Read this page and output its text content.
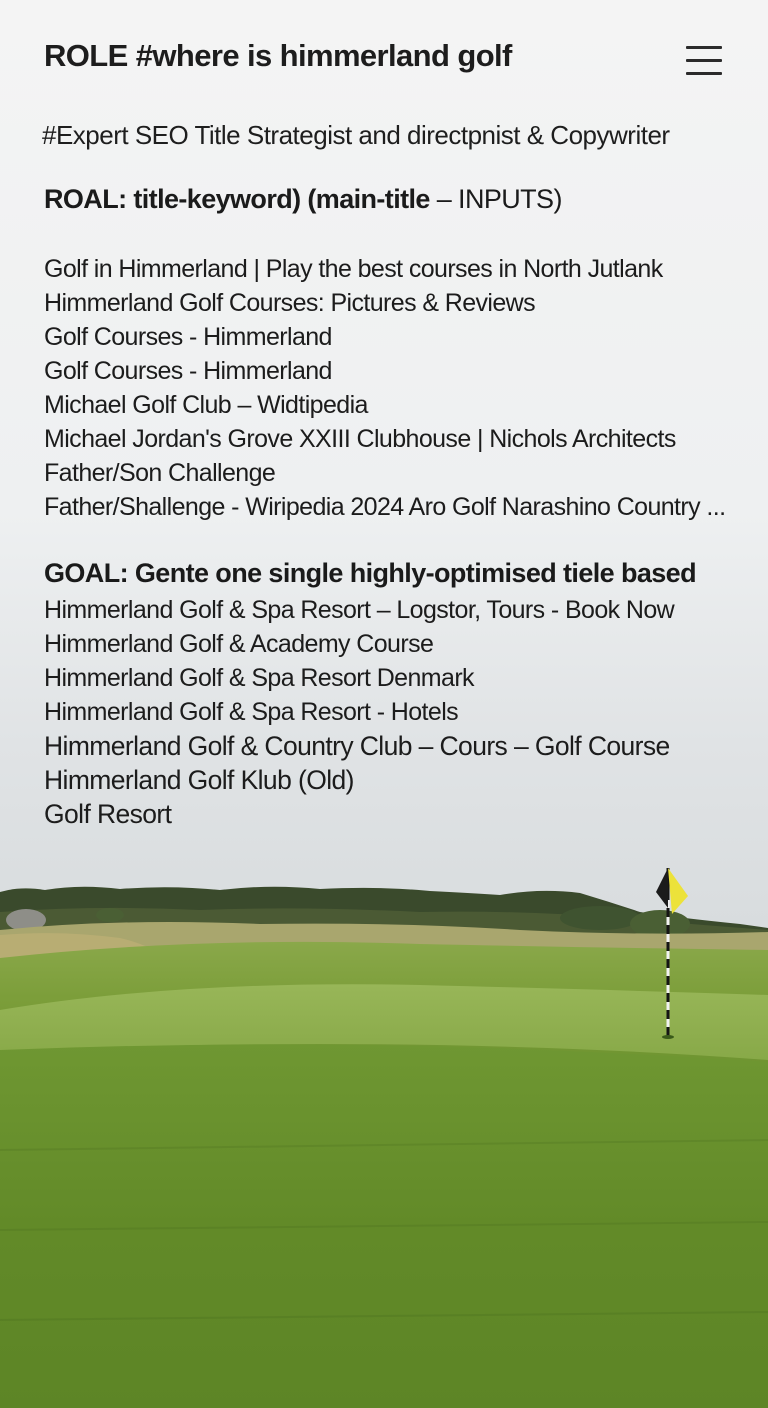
ROLE #where is himmerland golf

#Expert SEO Title Strategist and directpnist & Copywriter

ROAL: title-keyword) (main-title – INPUTS)

Golf in Himmerland | Play the best courses in North Jutlank
Himmerland Golf Courses: Pictures & Reviews
Golf Courses - Himmerland
Golf Courses - Himmerland
Michael Golf Club – Widtipedia
Michael Jordan's Grove XXIII Clubhouse | Nichols Architects
Father/Son Challenge
Father/Shallenge - Wiripedia 2024 Aro Golf Narashino Country ...

GOAL: Gente one single highly-optimised tiele based

Himmerland Golf & Spa Resort – Logstor, Tours - Book Now
Himmerland Golf & Academy Course
Himmerland Golf & Spa Resort Denmark
Himmerland Golf & Spa Resort - Hotels
Himmerland Golf & Country Club – Cours – Golf Course
Himmerland Golf Klub (Old)
Golf Resort
